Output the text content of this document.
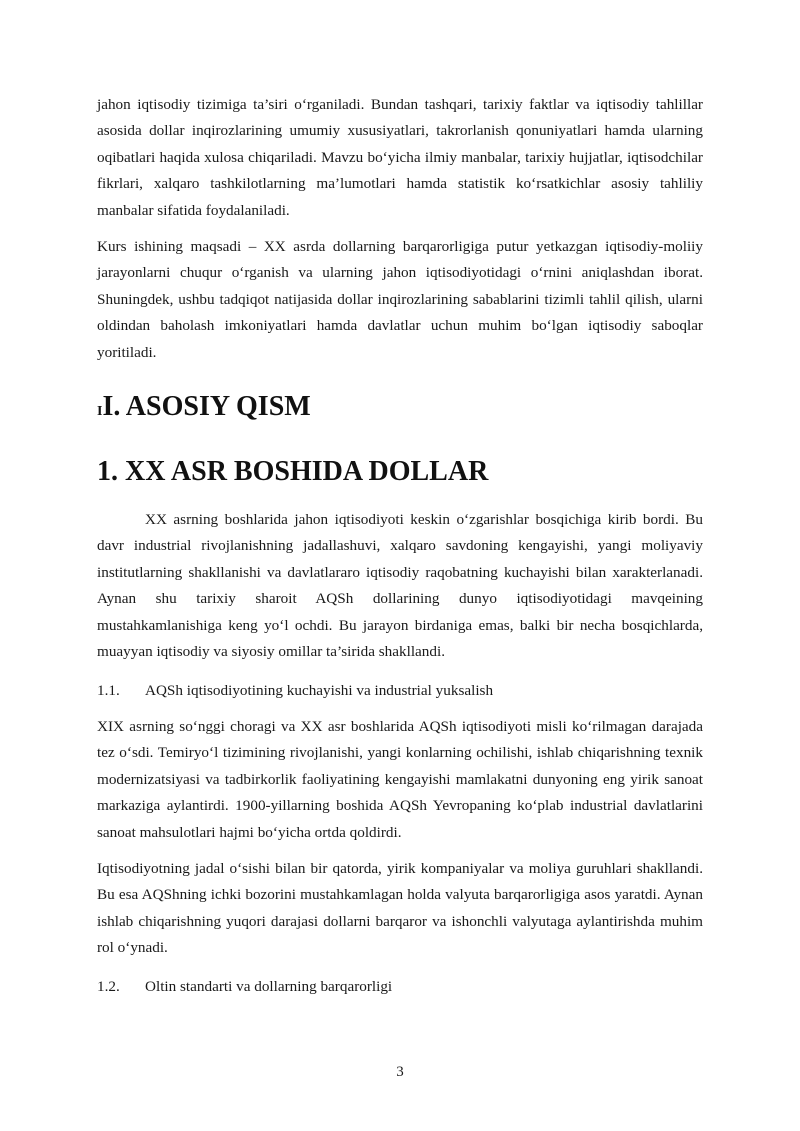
jahon iqtisodiy tizimiga ta’siri o‘rganiladi. Bundan tashqari, tarixiy faktlar va iqtisodiy tahlillar asosida dollar inqirozlarining umumiy xususiyatlari, takrorlanish qonuniyatlari hamda ularning oqibatlari haqida xulosa chiqariladi. Mavzu bo‘yicha ilmiy manbalar, tarixiy hujjatlar, iqtisodchilar fikrlari, xalqaro tashkilotlarning ma’lumotlari hamda statistik ko‘rsatkichlar asosiy tahliliy manbalar sifatida foydalaniladi.

Kurs ishining maqsadi – XX asrda dollarning barqarorligiga putur yetkazgan iqtisodiy-moliiy jarayonlarni chuqur o‘rganish va ularning jahon iqtisodiyotidagi o‘rnini aniqlashdan iborat. Shuningdek, ushbu tadqiqot natijasida dollar inqirozlarining sabablarini tizimli tahlil qilish, ularni oldindan baholash imkoniyatlari hamda davlatlar uchun muhim bo‘lgan iqtisodiy saboqlar yoritiladi.

II. ASOSIY QISM
1. XX ASR BOSHIDA DOLLAR

XX asrning boshlarida jahon iqtisodiyoti keskin o‘zgarishlar bosqichiga kirib bordi. Bu davr industrial rivojlanishning jadallashuvi, xalqaro savdoning kengayishi, yangi moliyaviy institutlarning shakllanishi va davlatlararo iqtisodiy raqobatning kuchayishi bilan xarakterlanadi. Aynan shu tarixiy sharoit AQSh dollarining dunyo iqtisodiyotidagi mavqeining mustahkamlanishiga keng yo‘l ochdi. Bu jarayon birdaniga emas, balki bir necha bosqichlarda, muayyan iqtisodiy va siyosiy omillar ta’sirida shakllandi.

1.1.	AQSh iqtisodiyotining kuchayishi va industrial yuksalish

XIX asrning so‘nggi choragi va XX asr boshlarida AQSh iqtisodiyoti misli ko‘rilmagan darajada tez o‘sdi. Temiryo‘l tizimining rivojlanishi, yangi konlarning ochilishi, ishlab chiqarishning texnik modernizatsiyasi va tadbirkorlik faoliyatining kengayishi mamlakatni dunyoning eng yirik sanoat markaziga aylantirdi. 1900-yillarning boshida AQSh Yevropaning ko‘plab industrial davlatlarini sanoat mahsulotlari hajmi bo‘yicha ortda qoldirdi.

Iqtisodiyotning jadal o‘sishi bilan bir qatorda, yirik kompaniyalar va moliya guruhlari shakllandi. Bu esa AQShning ichki bozorini mustahkamlagan holda valyuta barqarorligiga asos yaratdi. Aynan ishlab chiqarishning yuqori darajasi dollarni barqaror va ishonchli valyutaga aylantirishda muhim rol o‘ynadi.

1.2.	Oltin standarti va dollarning barqarorligi
3
